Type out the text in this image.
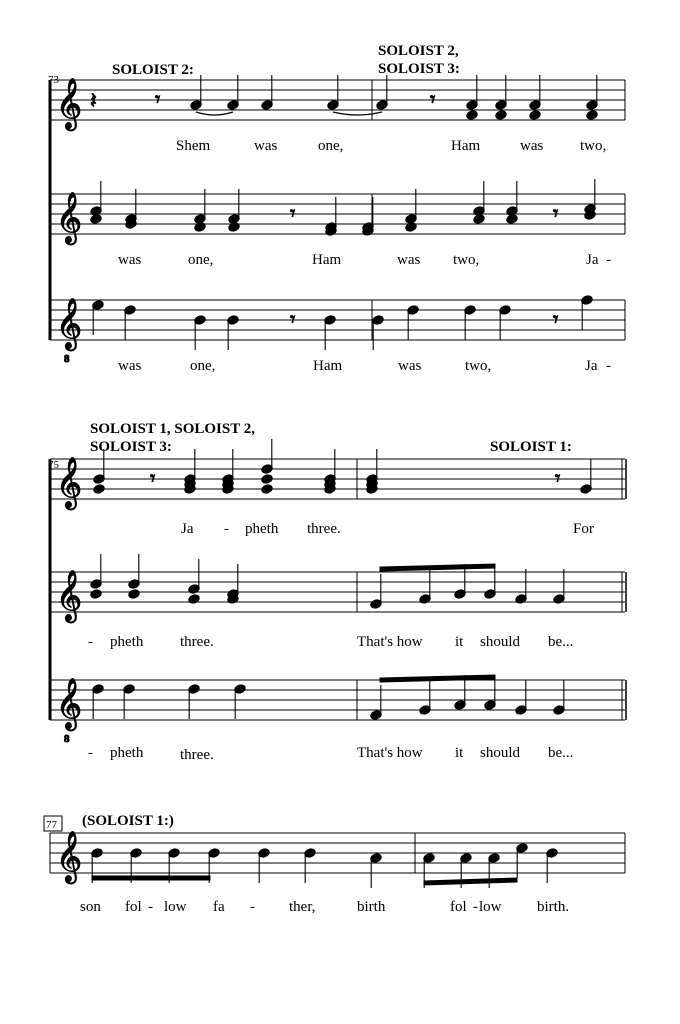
𝄞
𝄞
𝄞
8
𝄽	𝄾	𝄾
𝄾	𝄾
𝄾	𝄾
𝄞
𝄞
𝄞
8
𝄾	𝄾
𝄞
73
SOLOIST 2:
SOLOIST 2,
SOLOIST 3:
Shem	was	one,	Ham	was two,
was	one,	Ham	was two,	Ja -
was	one,	Ham	was	two,	Ja -
75
SOLOIST 1, SOLOIST 2,
SOLOIST 3:	SOLOIST 1:
Ja - pheth three.	For
- pheth three.	That's how it should be...
- pheth three.	That's how it should be...
77 (SOLOIST 1:)
son fol - low fa - ther,	birth	fol - low birth.
